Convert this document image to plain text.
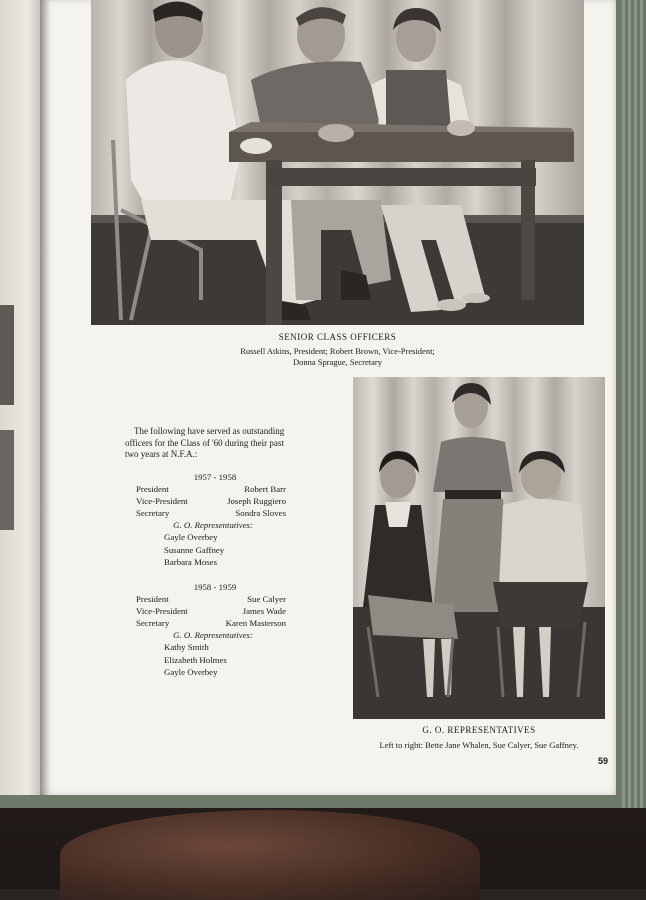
SENIOR CLASS OFFICERS
Russell Atkins, President; Robert Brown, Vice-President;
Donna Sprague, Secretary
The following have served as outstanding
officers for the Class of '60 during their past
two years at N.F.A.:
1957 - 1958
President	Robert Barr
Vice-President	Joseph Ruggiero
Secretary	Sondra Sloves
G. O. Representatives:
Gayle Overbey
Susanne Gaffney
Barbara Moses
1958 - 1959
President	Sue Calyer
Vice-President	James Wade
Secretary	Karen Masterson
G. O. Representatives:
Kathy Smith
Elizabeth Holmes
Gayle Overbey
G. O. REPRESENTATIVES
Left to right: Bette Jane Whalen, Sue Calyer, Sue Gaffney.
59
